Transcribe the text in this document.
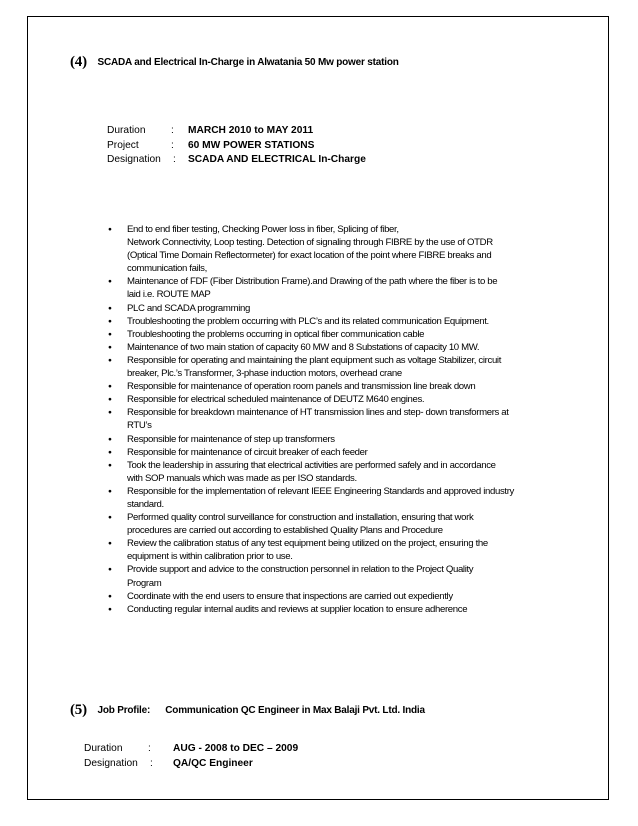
(4) SCADA and Electrical In-Charge in Alwatania 50 Mw power station
Duration	:	MARCH 2010 to MAY 2011
Project	:	60 MW POWER STATIONS
Designation	:	SCADA AND ELECTRICAL In-Charge
● End to end fiber testing, Checking Power loss in fiber, Splicing of fiber,
Network Connectivity, Loop testing. Detection of signaling through FIBRE by the use of OTDR
(Optical Time Domain Reflectormeter) for exact location of the point where FIBRE breaks and
communication fails,
● Maintenance of FDF (Fiber Distribution Frame).and Drawing of the path where the fiber is to be
laid i.e. ROUTE MAP
● PLC and SCADA programming
● Troubleshooting the problem occurring with PLC’s and its related communication Equipment.
● Troubleshooting the problems occurring in optical fiber communication cable
● Maintenance of two main station of capacity 60 MW and 8 Substations of capacity 10 MW.
● Responsible for operating and maintaining the plant equipment such as voltage Stabilizer, circuit
breaker, Plc.’s Transformer, 3-phase induction motors, overhead crane
● Responsible for maintenance of operation room panels and transmission line break down
● Responsible for electrical scheduled maintenance of DEUTZ M640 engines.
● Responsible for breakdown maintenance of HT transmission lines and step- down transformers at
RTU’s
● Responsible for maintenance of step up transformers
● Responsible for maintenance of circuit breaker of each feeder
● Took the leadership in assuring that electrical activities are performed safely and in accordance
with SOP manuals which was made as per ISO standards.
● Responsible for the implementation of relevant IEEE Engineering Standards and approved industry
standard.
● Performed quality control surveillance for construction and installation, ensuring that work
procedures are carried out according to established Quality Plans and Procedure
● Review the calibration status of any test equipment being utilized on the project, ensuring the
equipment is within calibration prior to use.
● Provide support and advice to the construction personnel in relation to the Project Quality
Program
● Coordinate with the end users to ensure that inspections are carried out expediently
● Conducting regular internal audits and reviews at supplier location to ensure adherence
(5) Job Profile: Communication QC Engineer in Max Balaji Pvt. Ltd. India
Duration	:	AUG - 2008 to DEC – 2009
Designation	:	QA/QC Engineer
